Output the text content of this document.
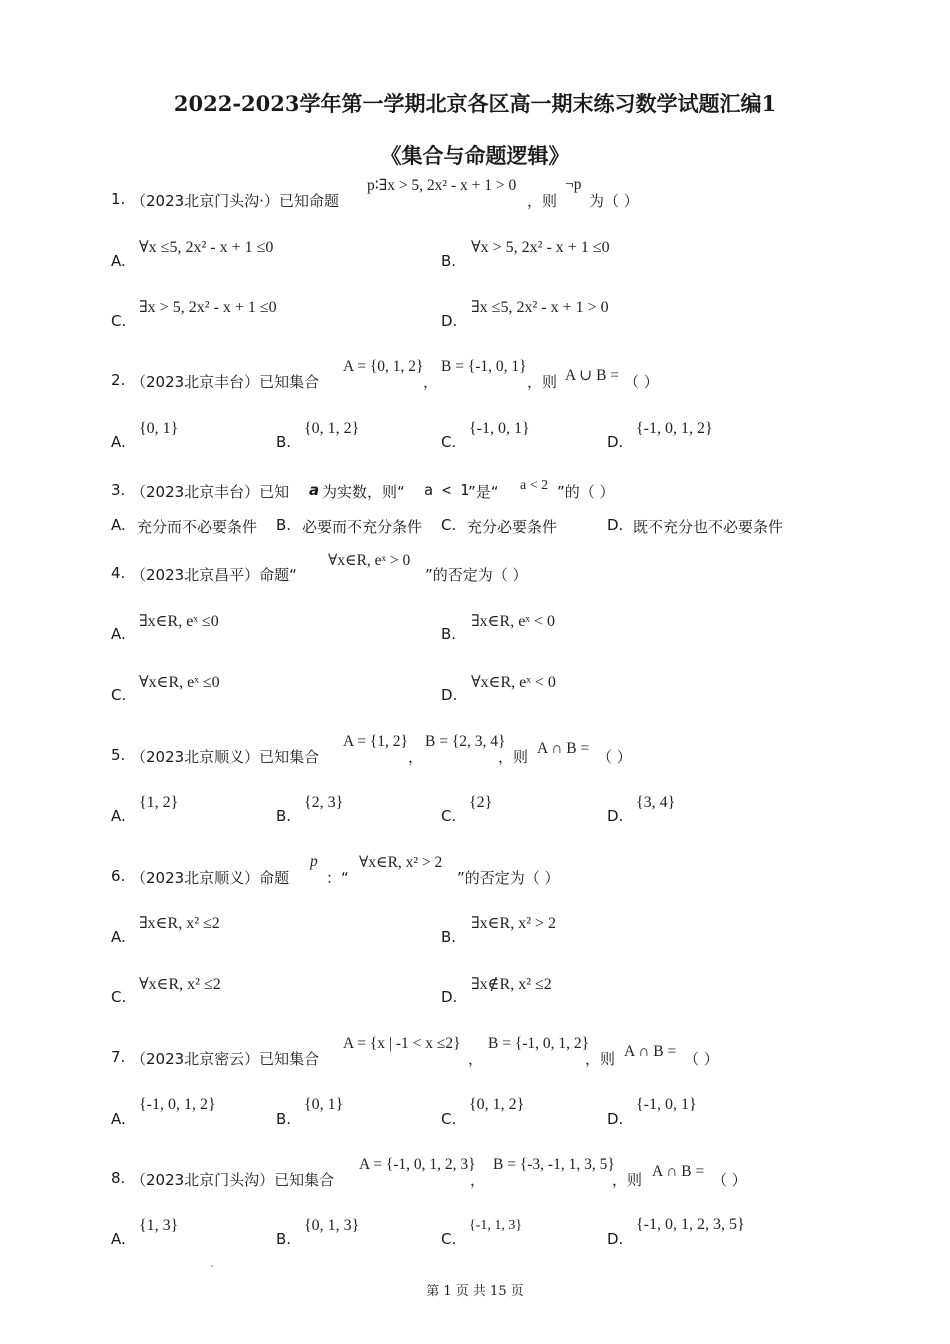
2022-2023学年第一学期北京各区高一期末练习数学试题汇编1
《集合与命题逻辑》
1. （2023北京门头沟·）已知命题
p∶∃x > 5, 2x² - x + 1 > 0
，则
¬p
为（ ）
A.
∀x ≤5, 2x² - x + 1 ≤0
B.
∀x > 5, 2x² - x + 1 ≤0
C.
∃x > 5, 2x² - x + 1 ≤0
D.
∃x ≤5, 2x² - x + 1 > 0
2. （2023北京丰台）已知集合
A = {0, 1, 2}
，
B = {-1, 0, 1}
，则 A ∪ B = （ ）
A.
{0, 1}
B.
{0, 1, 2}
C.
{-1, 0, 1}
D.
{-1, 0, 1, 2}
3. （2023北京丰台）已知 a 为实数，则“ a < 1
”是“ a < 2 ”的（ ）
A. 充分而不必要条件 B. 必要而不充分条件 C. 充分必要条件	D. 既不充分也不必要条件
4. （2023北京昌平）命题“
∀x∈R, eˣ > 0
”的否定为（ ）
A.
∃x∈R, eˣ ≤0
B.
∃x∈R, eˣ < 0
C.
∀x∈R, eˣ ≤0
D.
∀x∈R, eˣ < 0
5. （2023北京顺义）已知集合
A = {1, 2}
，
B = {2, 3, 4}
，则 A ∩ B = （ ）
A.
{1, 2}
B.
{2, 3}
C.
{2}
D.
{3, 4}
6. （2023北京顺义）命题
p
：“
∀x∈R, x² > 2
”的否定为（ ）
A.
∃x∈R, x² ≤2
B.
∃x∈R, x² > 2
C.
∀x∈R, x² ≤2
D.
∃x∉R, x² ≤2
7. （2023北京密云）已知集合
A = {x | -1 < x ≤2}
，
B = {-1, 0, 1, 2}
，则 A ∩ B = （ ）
A.
{-1, 0, 1, 2}
B.
{0, 1}
C.
{0, 1, 2}
D.
{-1, 0, 1}
8. （2023北京门头沟）已知集合
A = {-1, 0, 1, 2, 3}
，
B = {-3, -1, 1, 3, 5}
，则 A ∩ B = （ ）
A.
{1, 3}
B.
{0, 1, 3}
C.
{-1, 1, 3}
D.
{-1, 0, 1, 2, 3, 5}
第 1 页 共 15 页
